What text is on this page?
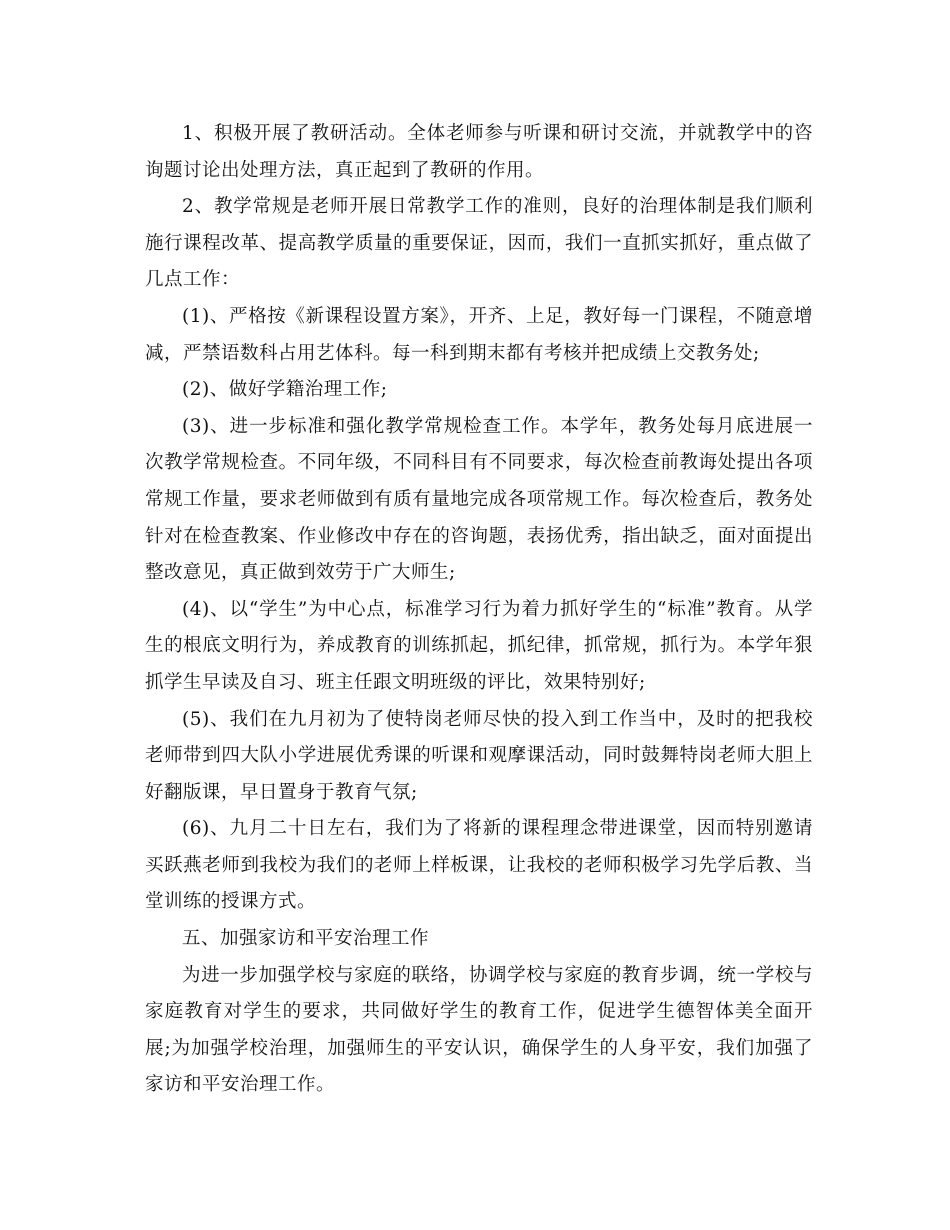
1、积极开展了教研活动。全体老师参与听课和研讨交流，并就教学中的咨询题讨论出处理方法，真正起到了教研的作用。

2、教学常规是老师开展日常教学工作的准则，良好的治理体制是我们顺利施行课程改革、提高教学质量的重要保证，因而，我们一直抓实抓好，重点做了几点工作：

(1)、严格按《新课程设置方案》，开齐、上足，教好每一门课程，不随意增减，严禁语数科占用艺体科。每一科到期末都有考核并把成绩上交教务处;

(2)、做好学籍治理工作;

(3)、进一步标准和强化教学常规检查工作。本学年，教务处每月底进展一次教学常规检查。不同年级，不同科目有不同要求，每次检查前教诲处提出各项常规工作量，要求老师做到有质有量地完成各项常规工作。每次检查后，教务处针对在检查教案、作业修改中存在的咨询题，表扬优秀，指出缺乏，面对面提出整改意见，真正做到效劳于广大师生;

(4)、以“学生”为中心点，标准学习行为着力抓好学生的“标准”教育。从学生的根底文明行为，养成教育的训练抓起，抓纪律，抓常规，抓行为。本学年狠抓学生早读及自习、班主任跟文明班级的评比，效果特别好;

(5)、我们在九月初为了使特岗老师尽快的投入到工作当中，及时的把我校老师带到四大队小学进展优秀课的听课和观摩课活动，同时鼓舞特岗老师大胆上好翻版课，早日置身于教育气氛;

(6)、九月二十日左右，我们为了将新的课程理念带进课堂，因而特别邀请买跃燕老师到我校为我们的老师上样板课，让我校的老师积极学习先学后教、当堂训练的授课方式。

五、加强家访和平安治理工作

为进一步加强学校与家庭的联络，协调学校与家庭的教育步调，统一学校与家庭教育对学生的要求，共同做好学生的教育工作，促进学生德智体美全面开展;为加强学校治理，加强师生的平安认识，确保学生的人身平安，我们加强了家访和平安治理工作。
